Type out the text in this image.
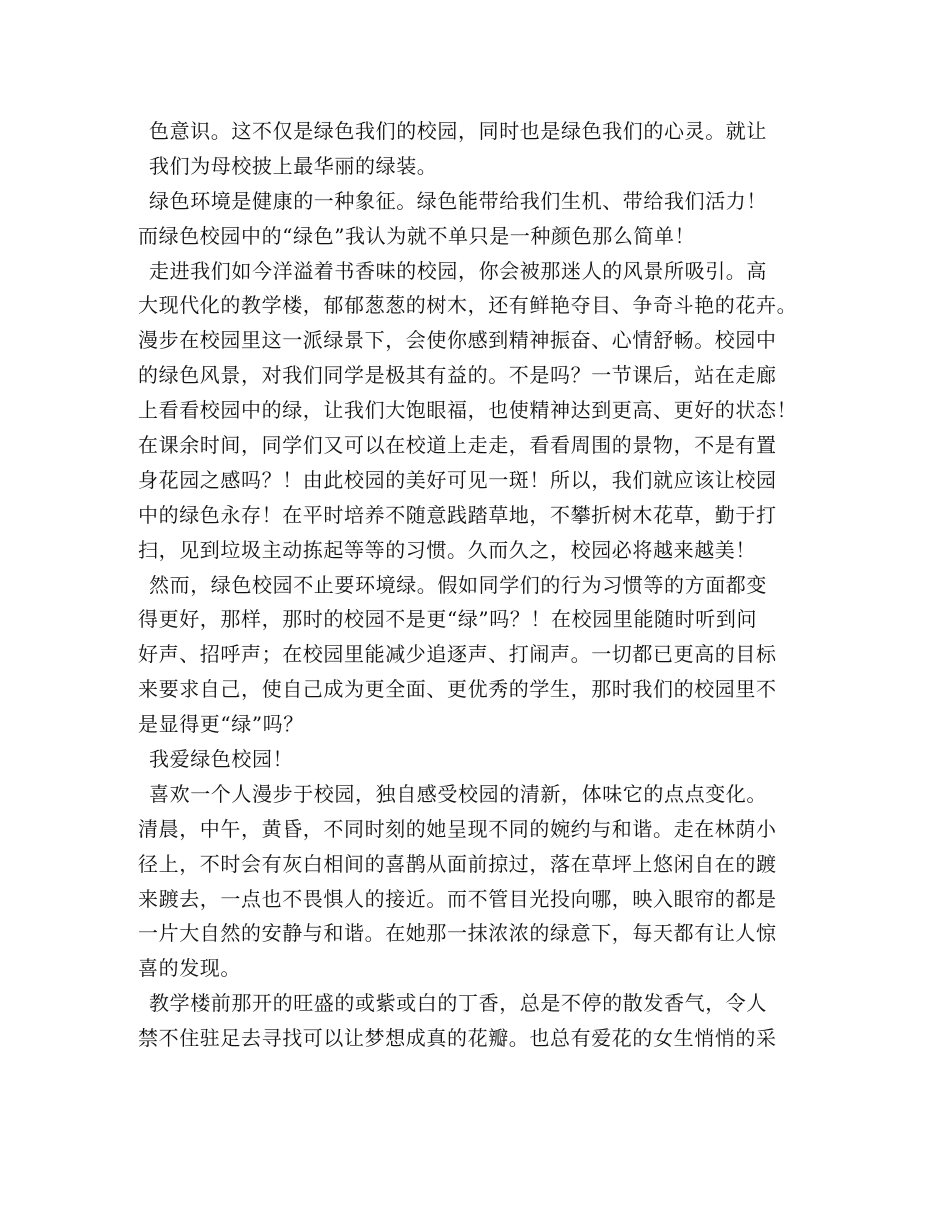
色意识。这不仅是绿色我们的校园，同时也是绿色我们的心灵。就让
我们为母校披上最华丽的绿装。
绿色环境是健康的一种象征。绿色能带给我们生机、带给我们活力！
而绿色校园中的“绿色”我认为就不单只是一种颜色那么简单！
走进我们如今洋溢着书香味的校园，你会被那迷人的风景所吸引。高
大现代化的教学楼，郁郁葱葱的树木，还有鲜艳夺目、争奇斗艳的花卉。
漫步在校园里这一派绿景下，会使你感到精神振奋、心情舒畅。校园中
的绿色风景，对我们同学是极其有益的。不是吗？一节课后，站在走廊
上看看校园中的绿，让我们大饱眼福，也使精神达到更高、更好的状态！
在课余时间，同学们又可以在校道上走走，看看周围的景物，不是有置
身花园之感吗？！由此校园的美好可见一斑！所以，我们就应该让校园
中的绿色永存！在平时培养不随意践踏草地，不攀折树木花草，勤于打
扫，见到垃圾主动拣起等等的习惯。久而久之，校园必将越来越美！
然而，绿色校园不止要环境绿。假如同学们的行为习惯等的方面都变
得更好，那样，那时的校园不是更“绿”吗？！在校园里能随时听到问
好声、招呼声；在校园里能减少追逐声、打闹声。一切都已更高的目标
来要求自己，使自己成为更全面、更优秀的学生，那时我们的校园里不
是显得更“绿”吗？
我爱绿色校园！
喜欢一个人漫步于校园，独自感受校园的清新，体味它的点点变化。
清晨，中午，黄昏，不同时刻的她呈现不同的婉约与和谐。走在林荫小
径上，不时会有灰白相间的喜鹊从面前掠过，落在草坪上悠闲自在的踱
来踱去，一点也不畏惧人的接近。而不管目光投向哪，映入眼帘的都是
一片大自然的安静与和谐。在她那一抹浓浓的绿意下，每天都有让人惊
喜的发现。
教学楼前那开的旺盛的或紫或白的丁香，总是不停的散发香气，令人
禁不住驻足去寻找可以让梦想成真的花瓣。也总有爱花的女生悄悄的采
